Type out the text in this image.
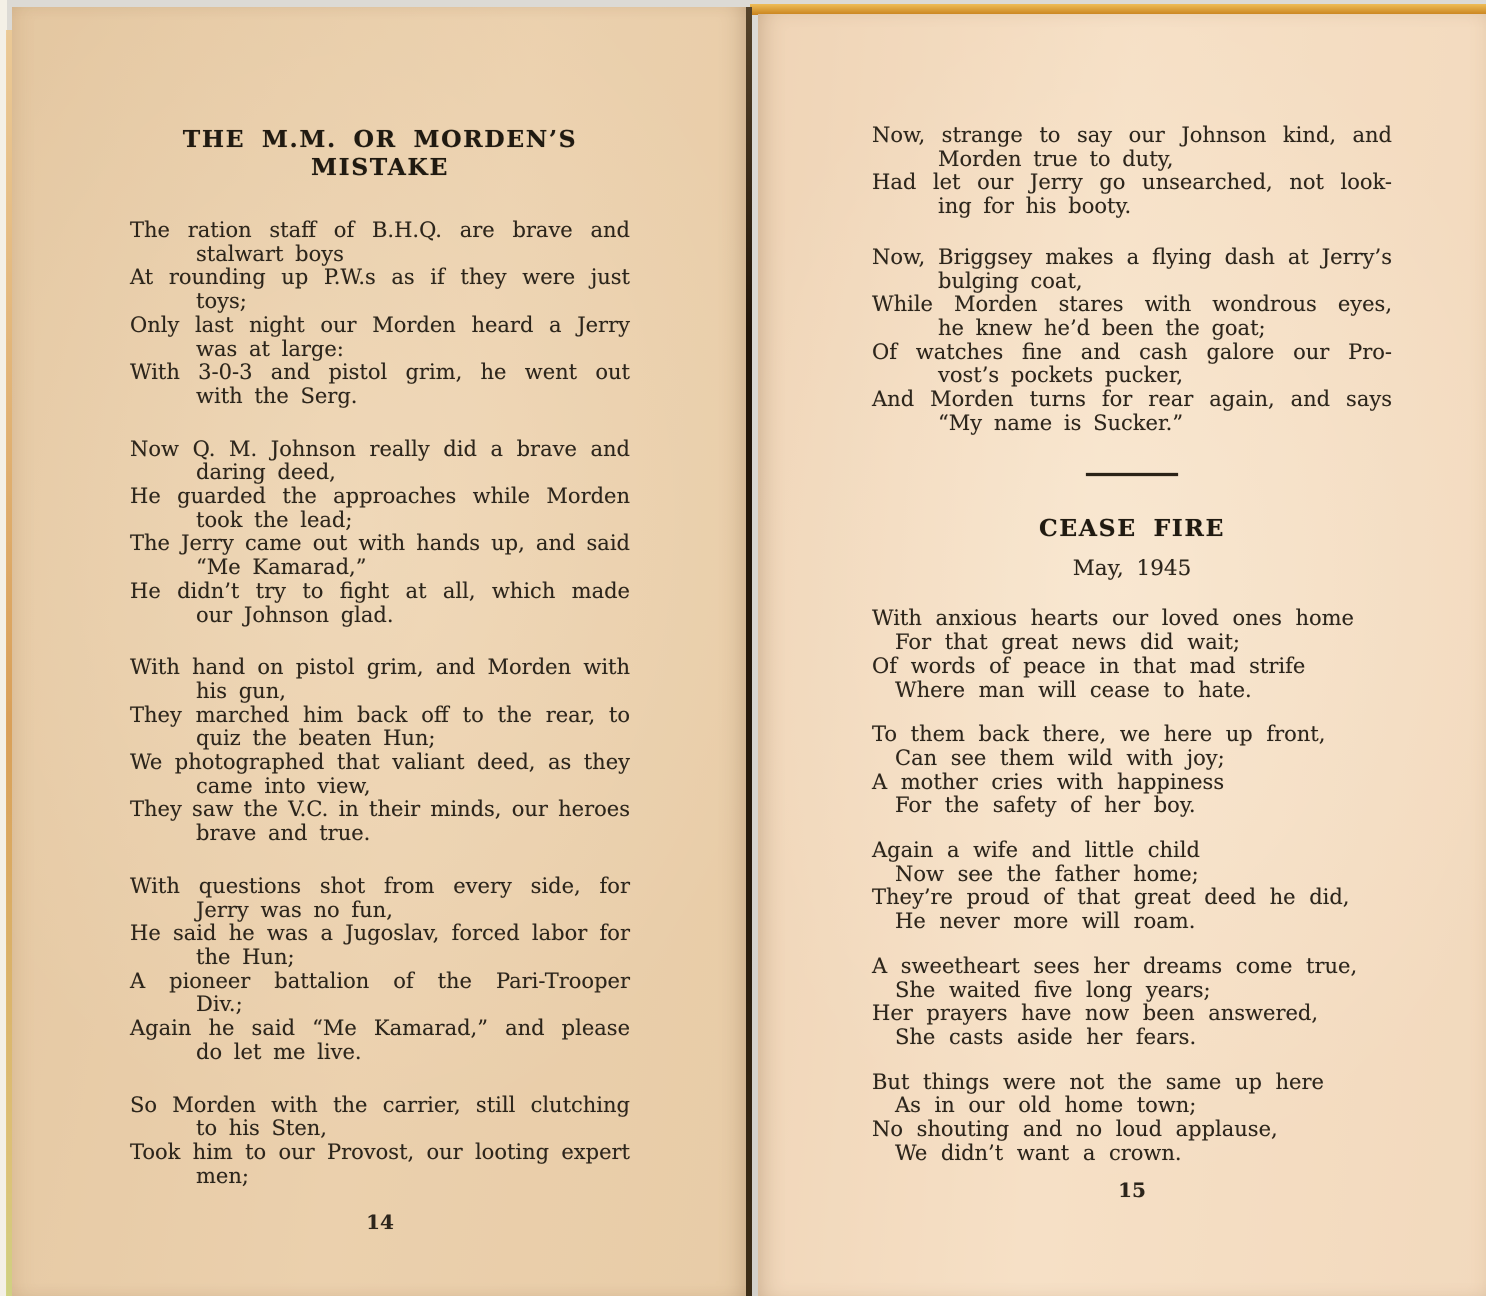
THE M.M. OR MORDEN’S MISTAKE
The ration staff of B.H.Q. are brave and
stalwart boys
At rounding up P.W.s as if they were just
toys;
Only last night our Morden heard a Jerry
was at large:
With 3-0-3 and pistol grim, he went out
with the Serg.
Now Q. M. Johnson really did a brave and
daring deed,
He guarded the approaches while Morden
took the lead;
The Jerry came out with hands up, and said
“Me Kamarad,”
He didn’t try to fight at all, which made
our Johnson glad.
With hand on pistol grim, and Morden with
his gun,
They marched him back off to the rear, to
quiz the beaten Hun;
We photographed that valiant deed, as they
came into view,
They saw the V.C. in their minds, our heroes
brave and true.
With questions shot from every side, for
Jerry was no fun,
He said he was a Jugoslav, forced labor for
the Hun;
A pioneer battalion of the Pari-Trooper
Div.;
Again he said “Me Kamarad,” and please
do let me live.
So Morden with the carrier, still clutching
to his Sten,
Took him to our Provost, our looting expert
men;
14
Now, strange to say our Johnson kind, and
Morden true to duty,
Had let our Jerry go unsearched, not look-
ing for his booty.
Now, Briggsey makes a flying dash at Jerry’s
bulging coat,
While Morden stares with wondrous eyes,
he knew he’d been the goat;
Of watches fine and cash galore our Pro-
vost’s pockets pucker,
And Morden turns for rear again, and says
“My name is Sucker.”
CEASE FIRE
May, 1945
With anxious hearts our loved ones home
For that great news did wait;
Of words of peace in that mad strife
Where man will cease to hate.
To them back there, we here up front,
Can see them wild with joy;
A mother cries with happiness
For the safety of her boy.
Again a wife and little child
Now see the father home;
They’re proud of that great deed he did,
He never more will roam.
A sweetheart sees her dreams come true,
She waited five long years;
Her prayers have now been answered,
She casts aside her fears.
But things were not the same up here
As in our old home town;
No shouting and no loud applause,
We didn’t want a crown.
15
